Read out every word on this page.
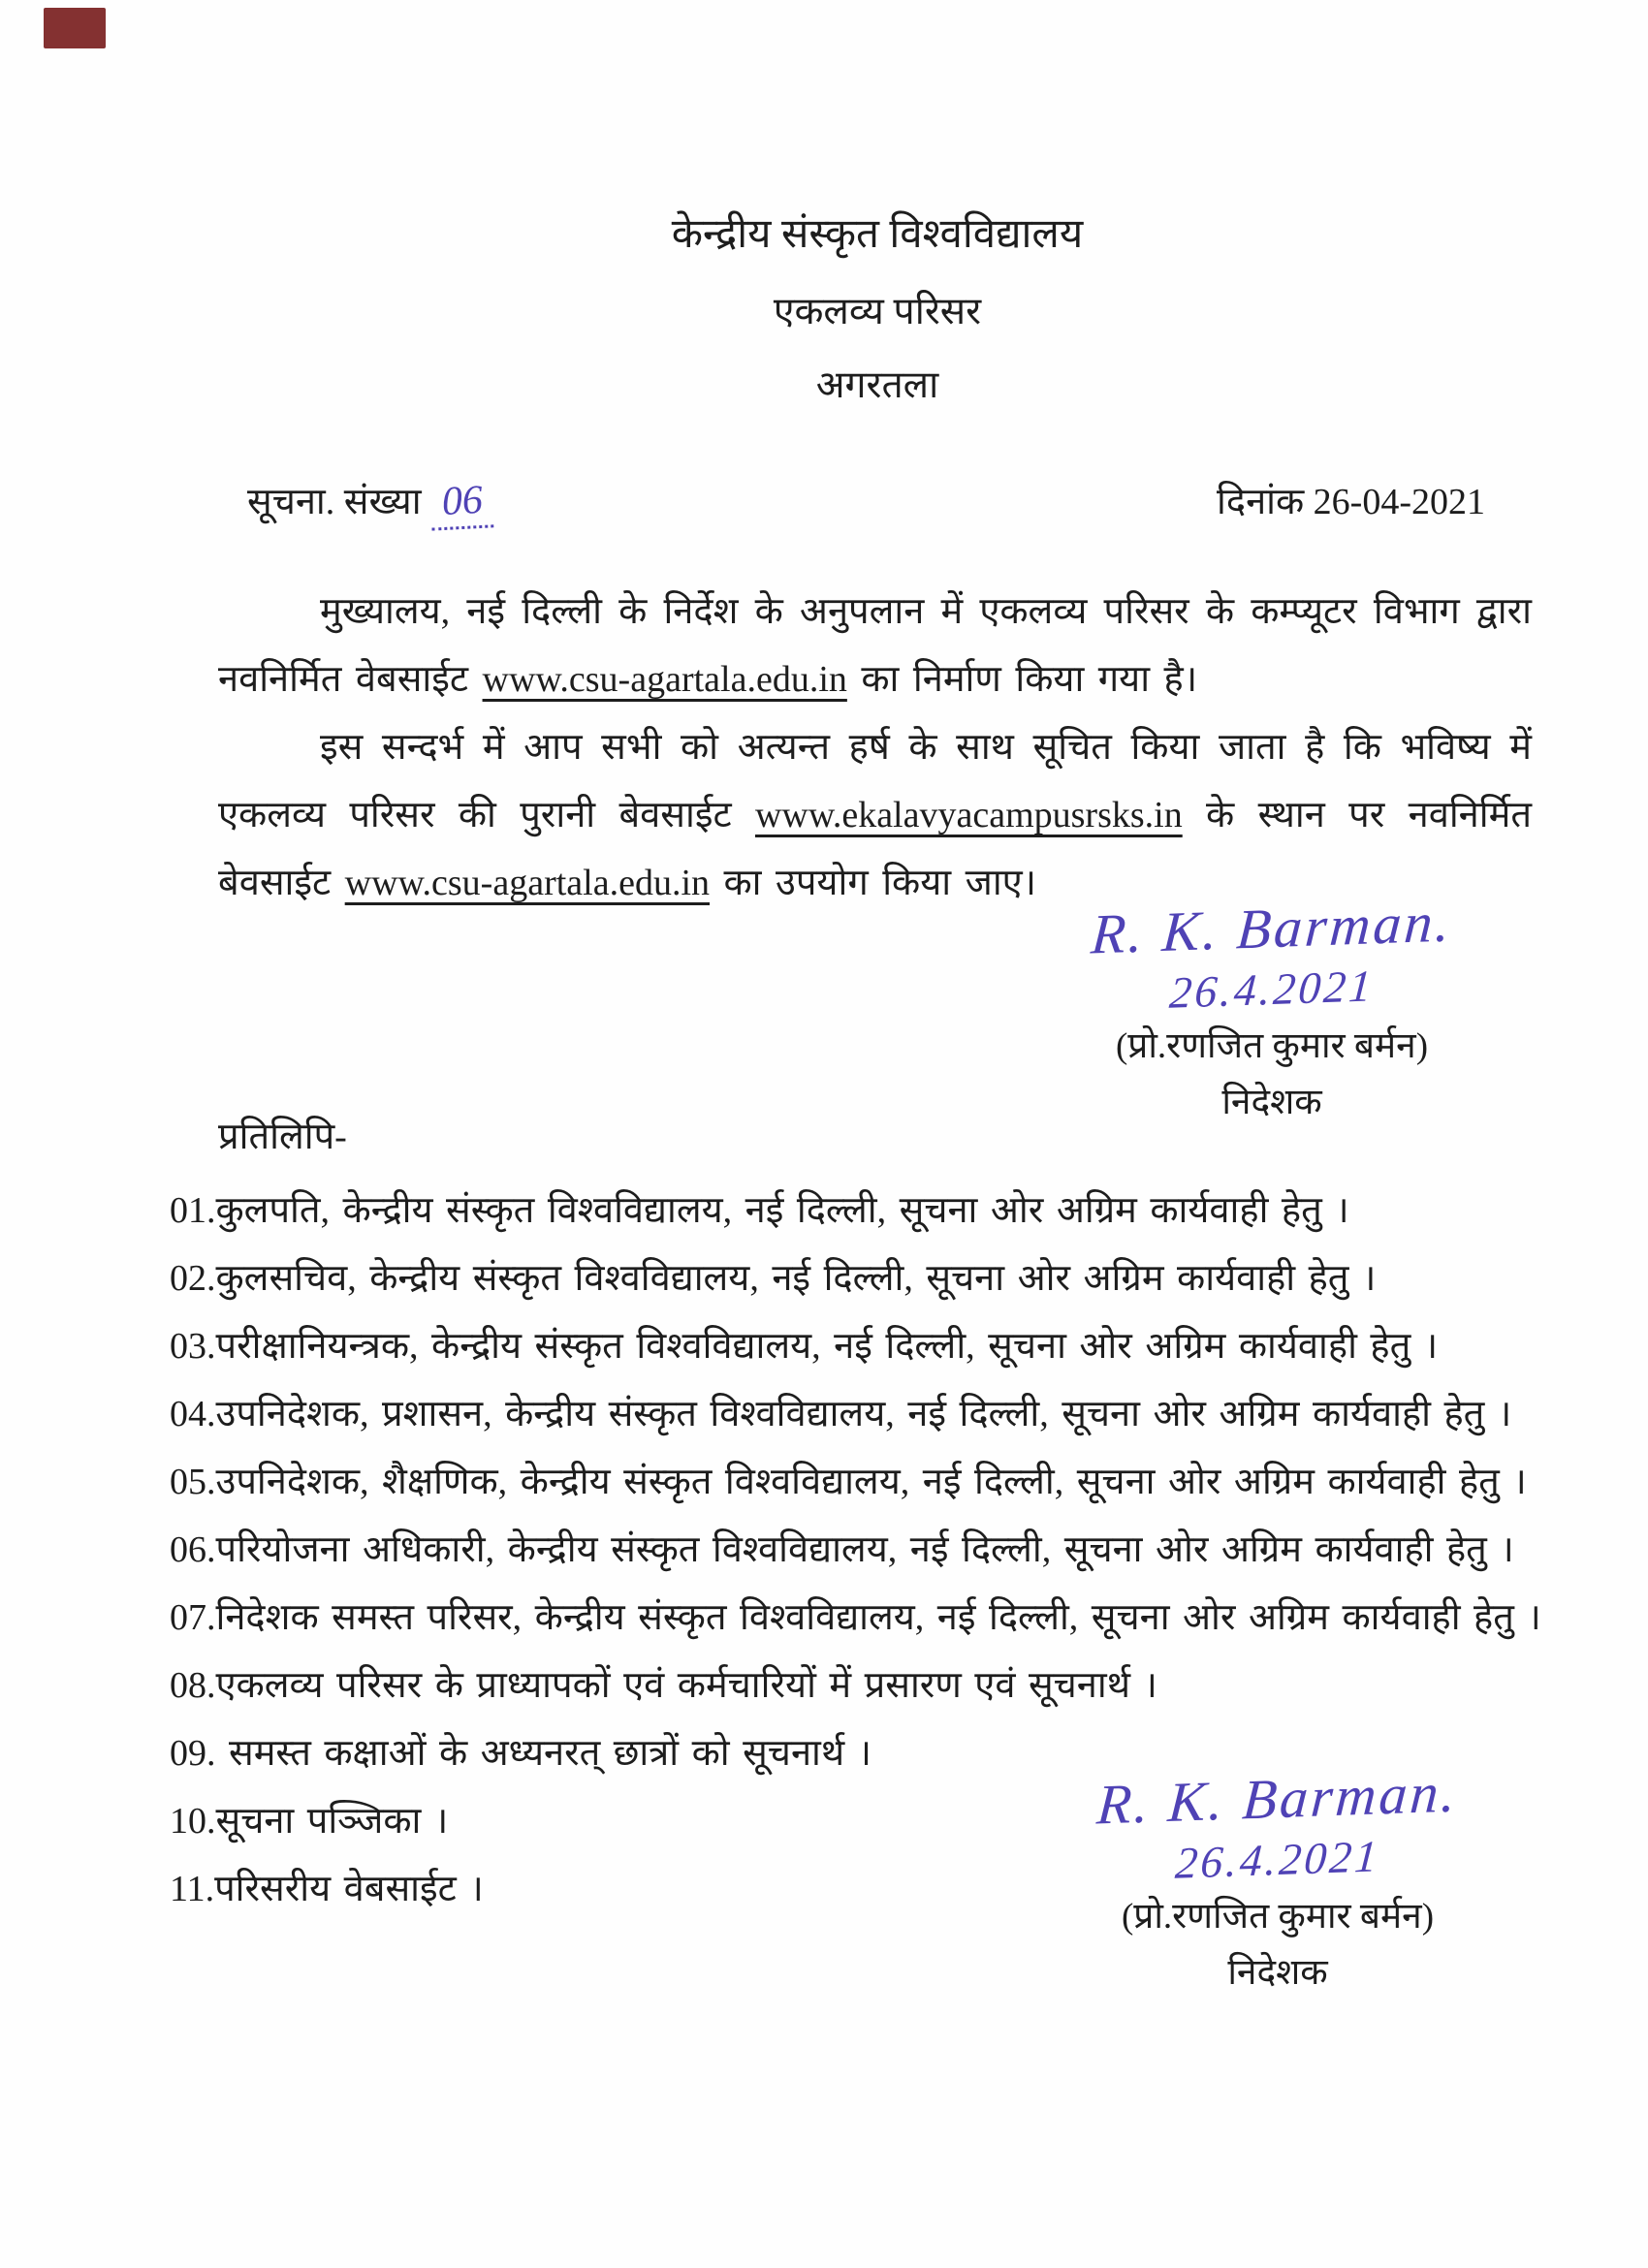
केन्द्रीय संस्कृत विश्वविद्यालय
एकलव्य परिसर
अगरतला
सूचना. संख्या 06	दिनांक 26-04-2021

मुख्यालय, नई दिल्ली के निर्देश के अनुपलान में एकलव्य परिसर के कम्प्यूटर विभाग द्वारा नवनिर्मित वेबसाईट www.csu-agartala.edu.in का निर्माण किया गया है।

इस सन्दर्भ में आप सभी को अत्यन्त हर्ष के साथ सूचित किया जाता है कि भविष्य में एकलव्य परिसर की पुरानी बेवसाईट www.ekalavyacampusrsks.in के स्थान पर नवनिर्मित बेवसाईट www.csu-agartala.edu.in का उपयोग किया जाए।

R. K. Barman.
26.4.2021
(प्रो.रणजित कुमार बर्मन)
निदेशक
प्रतिलिपि-
01.कुलपति, केन्द्रीय संस्कृत विश्वविद्यालय, नई दिल्ली, सूचना ओर अग्रिम कार्यवाही हेतु ।
02.कुलसचिव, केन्द्रीय संस्कृत विश्वविद्यालय, नई दिल्ली, सूचना ओर अग्रिम कार्यवाही हेतु ।
03.परीक्षानियन्त्रक, केन्द्रीय संस्कृत विश्वविद्यालय, नई दिल्ली, सूचना ओर अग्रिम कार्यवाही हेतु ।
04.उपनिदेशक, प्रशासन, केन्द्रीय संस्कृत विश्वविद्यालय, नई दिल्ली, सूचना ओर अग्रिम कार्यवाही हेतु ।
05.उपनिदेशक, शैक्षणिक, केन्द्रीय संस्कृत विश्वविद्यालय, नई दिल्ली, सूचना ओर अग्रिम कार्यवाही हेतु ।
06.परियोजना अधिकारी, केन्द्रीय संस्कृत विश्वविद्यालय, नई दिल्ली, सूचना ओर अग्रिम कार्यवाही हेतु ।
07.निदेशक समस्त परिसर, केन्द्रीय संस्कृत विश्वविद्यालय, नई दिल्ली, सूचना ओर अग्रिम कार्यवाही हेतु ।
08.एकलव्य परिसर के प्राध्यापकों एवं कर्मचारियों में प्रसारण एवं सूचनार्थ ।
09. समस्त कक्षाओं के अध्यनरत् छात्रों को सूचनार्थ ।
10.सूचना पञ्जिका ।
11.परिसरीय वेबसाईट ।
R. K. Barman.
26.4.2021
(प्रो.रणजित कुमार बर्मन)
निदेशक
